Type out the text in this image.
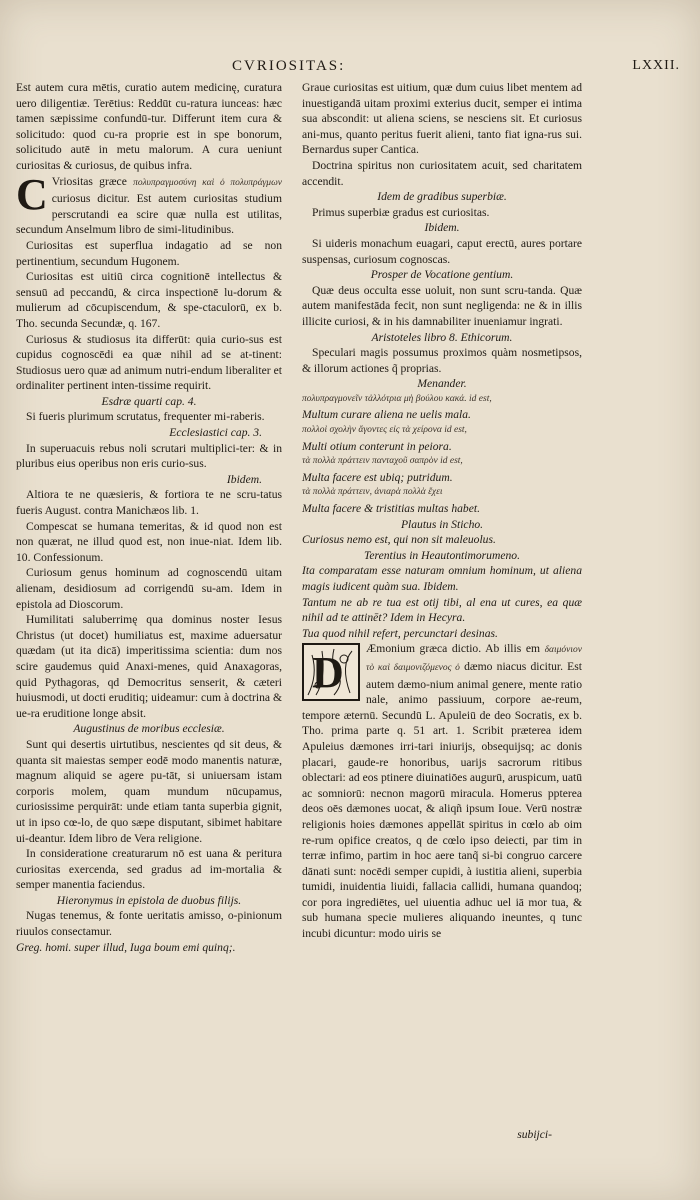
CVRIOSITAS:	LXXII.

Est autem cura mētis, curatio autem medicinę, curatura uero diligentiæ. Terētius: Reddūt cu-ratura iunceas: hæc tamen sæpissime confundū-tur. Differunt item cura & solicitudo: quod cu-ra proprie est in spe bonorum, solicitudo autē in metu malorum. A cura ueniunt curiositas & curiosus, de quibus infra.

C Vriositas græce πολυπραγμοσύνη καὶ ὁ πολυπράγμων curiosus dicitur. Est autem curiositas studium perscrutandi ea scire quæ nulla est utilitas, secundum Anselmum libro de simi-litudinibus.

Curiositas est superflua indagatio ad se non pertinentium, secundum Hugonem.

Curiositas est uitiū circa cognitionē intellectus & sensuū ad peccandū, & circa inspectionē lu-dorum & mulierum ad cōcupiscendum, & spe-ctaculorū, ex b. Tho. secunda Secundæ, q. 167.

Curiosus & studiosus ita differūt: quia curio-sus est cupidus cognoscēdi ea quæ nihil ad se at-tinent: Studiosus uero quæ ad animum nutri-endum liberaliter et ordinaliter pertinent inten-tissime requirit.

Esdræ quarti cap. 4.

Si fueris plurimum scrutatus, frequenter mi-raberis.

Ecclesiastici cap. 3.

In superuacuis rebus noli scrutari multiplici-ter: & in pluribus eius operibus non eris curio-sus.

Ibidem.

Altiora te ne quæsieris, & fortiora te ne scru-tatus fueris August. contra Manichæos lib. 1.

Compescat se humana temeritas, & id quod non est non quærat, ne illud quod est, non inue-niat. Idem lib. 10. Confessionum.

Curiosum genus hominum ad cognoscendū uitam alienam, desidiosum ad corrigendū su-am. Idem in epistola ad Dioscorum.

Humilitati saluberrimę qua dominus noster Iesus Christus (ut docet) humiliatus est, maxime aduersatur quædam (ut ita dicā) imperitissima scientia: dum nos scire gaudemus quid Anaxi-menes, quid Anaxagoras, quid Pythagoras, qd Democritus senserit, & cæteri huiusmodi, ut docti eruditiq; uideamur: cum à doctrina & ue-ra eruditione longe absit.

Augustinus de moribus ecclesiæ.

Sunt qui desertis uirtutibus, nescientes qd sit deus, & quanta sit maiestas semper eodē modo manentis naturæ, magnum aliquid se agere pu-tāt, si uniuersam istam corporis molem, quam mundum nūcupamus, curiosissime perquirāt: unde etiam tanta superbia gignit, ut in ipso cœ-lo, de quo sæpe disputant, sibimet habitare ui-deantur. Idem libro de Vera religione.

In consideratione creaturarum nō est uana & peritura curiositas exercenda, sed gradus ad im-mortalia & semper manentia faciendus.

Hieronymus in epistola de duobus filijs.

Nugas tenemus, & fonte ueritatis amisso, o-pinionum riuulos consectamur.

Greg. homi. super illud, Iuga boum emi quinq;.

Graue curiositas est uitium, quæ dum cuius libet mentem ad inuestigandā uitam proximi exterius ducit, semper ei intima sua abscondit: ut aliena sciens, se nesciens sit. Et curiosus ani-mus, quanto peritus fuerit alieni, tanto fiat igna-rus sui. Bernardus super Cantica.

Doctrina spiritus non curiositatem acuit, sed charitatem accendit.

Idem de gradibus superbiæ.

Primus superbiæ gradus est curiositas.

Ibidem.

Si uideris monachum euagari, caput erectū, aures portare suspensas, curiosum cognoscas.

Prosper de Vocatione gentium.

Quæ deus occulta esse uoluit, non sunt scru-tanda. Quæ autem manifestāda fecit, non sunt negligenda: ne & in illis illicite curiosi, & in his damnabiliter inueniamur ingrati.

Aristoteles libro 8. Ethicorum.

Speculari magis possumus proximos quàm nosmetipsos, & illorum actiones q̃ proprias.

Menander.

πολυπραγμονεῖν τἀλλότρια μὴ βούλου κακά. id est,

Multum curare aliena ne uelis mala.

πολλοὶ σχολὴν ἄγοντες εἰς τὰ χείρονα id est,

Multi otium conterunt in peiora.

τὰ πολλὰ πράττειν πανταχοῦ σαπρὸν id est,

Multa facere est ubiq; putridum.

τὰ πολλὰ πράττειν, ἀνιαρὰ πολλὰ ἔχει

Multa facere & tristitias multas habet.

Plautus in Sticho.

Curiosus nemo est, qui non sit maleuolus.

Terentius in Heautontimorumeno.

Ita comparatam esse naturam omnium hominum, ut aliena magis iudicent quàm sua. Ibidem.

Tantum ne ab re tua est otij tibi, al ena ut cures, ea quæ nihil ad te attinēt? Idem in Hecyra.

Tua quod nihil refert, percunctari desinas.

D Æmonium græca dictio. Ab illis em δαιμόνιον τὸ καὶ δαιμονιζόμενος ὁ dæmo niacus dicitur. Est autem dæmo-nium animal genere, mente ratio nale, animo passiuum, corpore ae-reum, tempore æternū. Secundū L. Apuleiū de deo Socratis, ex b. Tho. prima parte q. 51 art. 1. Scribit præterea idem Apuleius dæmones irri-tari iniurijs, obsequijsq; ac donis placari, gaude-re honoribus, uarijs sacrorum ritibus oblectari: ad eos ptinere diuinatiōes augurū, aruspicum, uatū ac somniorū: necnon magorū miracula. Homerus ppterea deos oēs dæmones uocat, & aliqñ ipsum Ioue. Verū nostræ religionis hoies dæmones appellāt spiritus in cœlo ab oim re-rum opifice creatos, q de cœlo ipso deiecti, par tim in terræ infimo, partim in hoc aere tanq̃ si-bi congruo carcere dānati sunt: nocēdi semper cupidi, à iustitia alieni, superbia tumidi, inuidentia liuidi, fallacia callidi, humana quandoq; cor pora ingrediētes, uel uiuentia adhuc uel iā mor tua, & sub humana specie mulieres aliquando ineuntes, q tunc incubi dicuntur: modo uiris se

subijci-
